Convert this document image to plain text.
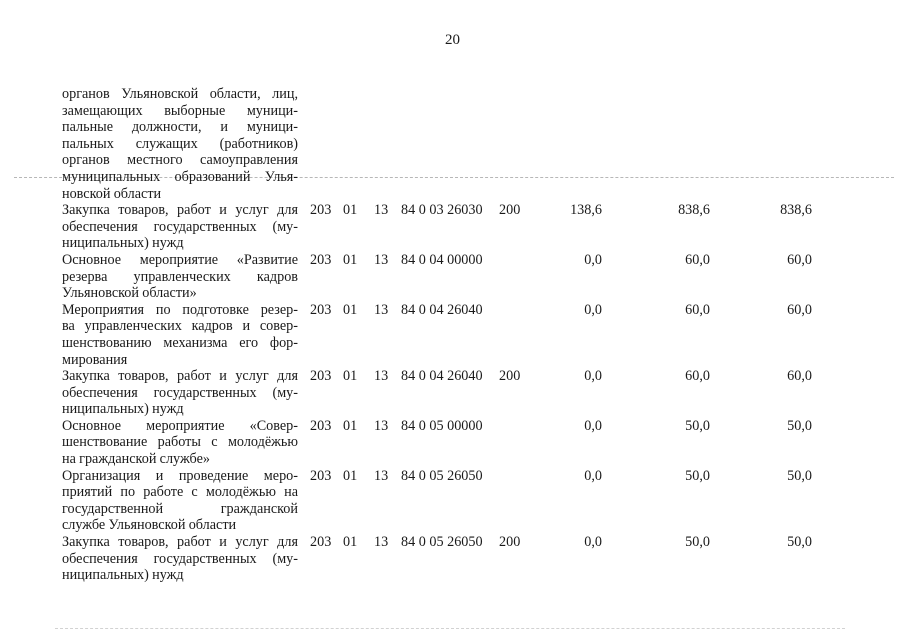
20
органов Ульяновской области, лиц,
замещающих выборные муници-
пальные должности, и муници-
пальных служащих (работников)
органов местного самоуправления
муниципальных образований Улья-
новской области
Закупка товаров, работ и услуг для
обеспечения государственных (му-
ниципальных) нужд
203 01 13 84 0 03 26030 200	138,6	838,6	838,6
Основное мероприятие «Развитие
резерва управленческих кадров
Ульяновской области»
203 01 13 84 0 04 00000	0,0	60,0	60,0
Мероприятия по подготовке резер-
ва управленческих кадров и совер-
шенствованию механизма его фор-
мирования
203 01 13 84 0 04 26040	0,0	60,0	60,0
Закупка товаров, работ и услуг для
обеспечения государственных (му-
ниципальных) нужд
203 01 13 84 0 04 26040 200	0,0	60,0	60,0
Основное мероприятие «Совер-
шенствование работы с молодёжью
на гражданской службе»
203 01 13 84 0 05 00000	0,0	50,0	50,0
Организация и проведение меро-
приятий по работе с молодёжью на
государственной гражданской
службе Ульяновской области
203 01 13 84 0 05 26050	0,0	50,0	50,0
Закупка товаров, работ и услуг для
обеспечения государственных (му-
ниципальных) нужд
203 01 13 84 0 05 26050 200	0,0	50,0	50,0
